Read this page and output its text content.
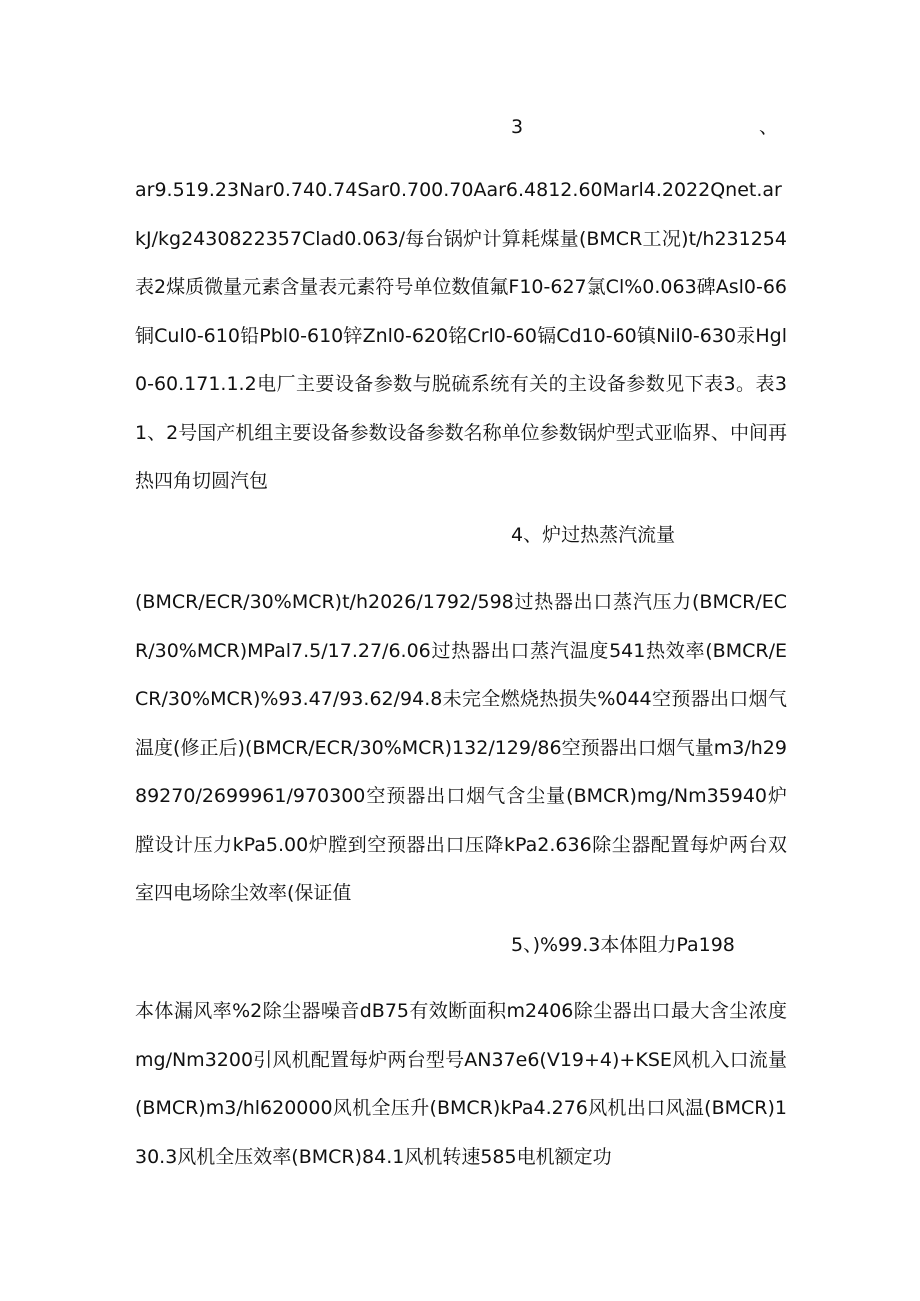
3	、

ar9.519.23Nar0.740.74Sar0.700.70Aar6.4812.60Marl4.2022Qnet.arkJ/kg2430822357Clad0.063/每台锅炉计算耗煤量(BMCR工况)t/h231254表2煤质微量元素含量表元素符号单位数值氟F10-627氯Cl%0.063碑Asl0-66铜Cul0-610铅Pbl0-610锌Znl0-620铭Crl0-60镉Cd10-60镇Nil0-630汞Hgl0-60.171.1.2电厂主要设备参数与脱硫系统有关的主设备参数见下表3。表31、2号国产机组主要设备参数设备参数名称单位参数锅炉型式亚临界、中间再热四角切圆汽包

4、炉过热蒸汽流量

(BMCR/ECR/30%MCR)t/h2026/1792/598过热器出口蒸汽压力(BMCR/ECR/30%MCR)MPal7.5/17.27/6.06过热器出口蒸汽温度541热效率(BMCR/ECR/30%MCR)%93.47/93.62/94.8未完全燃烧热损失%044空预器出口烟气温度(修正后)(BMCR/ECR/30%MCR)132/129/86空预器出口烟气量m3/h2989270/2699961/970300空预器出口烟气含尘量(BMCR)mg/Nm35940炉膛设计压力kPa5.00炉膛到空预器出口压降kPa2.636除尘器配置每炉两台双室四电场除尘效率(保证值

5、)%99.3本体阻力Pa198

本体漏风率%2除尘器噪音dB75有效断面积m2406除尘器出口最大含尘浓度mg/Nm3200引风机配置每炉两台型号AN37e6(V19+4)+KSE风机入口流量(BMCR)m3/hl620000风机全压升(BMCR)kPa4.276风机出口风温(BMCR)130.3风机全压效率(BMCR)84.1风机转速585电机额定功
